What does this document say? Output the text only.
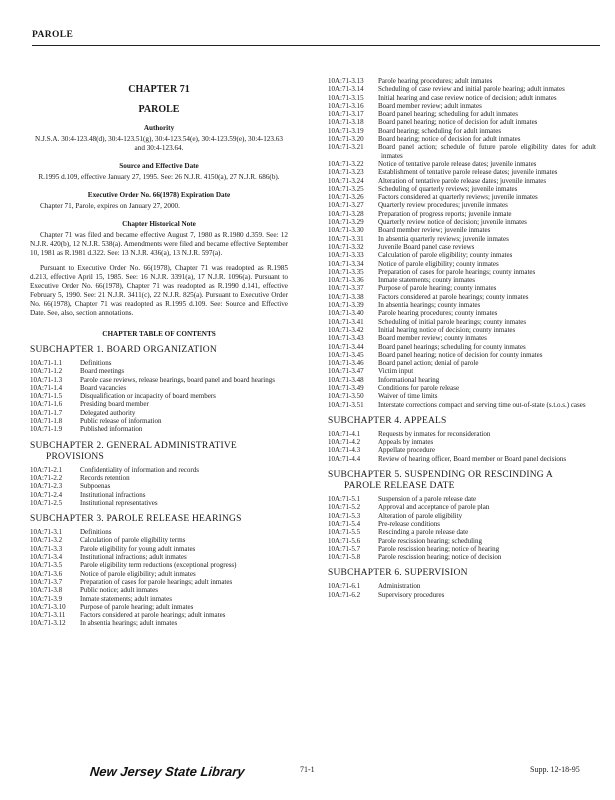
PAROLE
CHAPTER 71
PAROLE
Authority
N.J.S.A. 30:4-123.48(d), 30:4-123.51(g), 30:4-123.54(e), 30:4-123.59(e), 30:4-123.63 and 30:4-123.64.
Source and Effective Date
R.1995 d.109, effective January 27, 1995. See: 26 N.J.R. 4150(a), 27 N.J.R. 686(b).
Executive Order No. 66(1978) Expiration Date
Chapter 71, Parole, expires on January 27, 2000.
Chapter Historical Note
Chapter 71 was filed and became effective August 7, 1980 as R.1980 d.359. See: 12 N.J.R. 420(b), 12 N.J.R. 538(a). Amendments were filed and became effective September 10, 1981 as R.1981 d.322. See: 13 N.J.R. 436(a), 13 N.J.R. 597(a).
Pursuant to Executive Order No. 66(1978), Chapter 71 was readopted as R.1985 d.213, effective April 15, 1985. See: 16 N.J.R. 3391(a), 17 N.J.R. 1096(a). Pursuant to Executive Order No. 66(1978), Chapter 71 was readopted as R.1990 d.141, effective February 5, 1990. See: 21 N.J.R. 3411(c), 22 N.J.R. 825(a). Pursuant to Executive Order No. 66(1978), Chapter 71 was readopted as R.1995 d.109. See: Source and Effective Date. See, also, section annotations.
CHAPTER TABLE OF CONTENTS
SUBCHAPTER 1. BOARD ORGANIZATION
10A:71-1.1	Definitions
10A:71-1.2	Board meetings
10A:71-1.3	Parole case reviews, release hearings, board panel and board hearings
10A:71-1.4	Board vacancies
10A:71-1.5	Disqualification or incapacity of board members
10A:71-1.6	Presiding board member
10A:71-1.7	Delegated authority
10A:71-1.8	Public release of information
10A:71-1.9	Published information
SUBCHAPTER 2. GENERAL ADMINISTRATIVE
PROVISIONS
10A:71-2.1	Confidentiality of information and records
10A:71-2.2	Records retention
10A:71-2.3	Subpoenas
10A:71-2.4	Institutional infractions
10A:71-2.5	Institutional representatives
SUBCHAPTER 3. PAROLE RELEASE HEARINGS
10A:71-3.1	Definitions
10A:71-3.2	Calculation of parole eligibility terms
10A:71-3.3	Parole eligibility for young adult inmates
10A:71-3.4	Institutional infractions; adult inmates
10A:71-3.5	Parole eligibility term reductions (exceptional progress)
10A:71-3.6	Notice of parole eligibility; adult inmates
10A:71-3.7	Preparation of cases for parole hearings; adult inmates
10A:71-3.8	Public notice; adult inmates
10A:71-3.9	Inmate statements; adult inmates
10A:71-3.10	Purpose of parole hearing; adult inmates
10A:71-3.11	Factors considered at parole hearings; adult inmates
10A:71-3.12	In absentia hearings; adult inmates
10A:71-3.13	Parole hearing procedures; adult inmates
10A:71-3.14	Scheduling of case review and initial parole hearing; adult inmates
10A:71-3.15	Initial hearing and case review notice of decision; adult inmates
10A:71-3.16	Board member review; adult inmates
10A:71-3.17	Board panel hearing; scheduling for adult inmates
10A:71-3.18	Board panel hearing; notice of decision for adult inmates
10A:71-3.19	Board hearing; scheduling for adult inmates
10A:71-3.20	Board hearing; notice of decision for adult inmates
10A:71-3.21	Board panel action; schedule of future parole eligibility dates for adult inmates
10A:71-3.22	Notice of tentative parole release dates; juvenile inmates
10A:71-3.23	Establishment of tentative parole release dates; juvenile inmates
10A:71-3.24	Alteration of tentative parole release dates; juvenile inmates
10A:71-3.25	Scheduling of quarterly reviews; juvenile inmates
10A:71-3.26	Factors considered at quarterly reviews; juvenile inmates
10A:71-3.27	Quarterly review procedures; juvenile inmates
10A:71-3.28	Preparation of progress reports; juvenile inmate
10A:71-3.29	Quarterly review notice of decision; juvenile inmates
10A:71-3.30	Board member review; juvenile inmates
10A:71-3.31	In absentia quarterly reviews; juvenile inmates
10A:71-3.32	Juvenile Board panel case reviews
10A:71-3.33	Calculation of parole eligibility; county inmates
10A:71-3.34	Notice of parole eligibility; county inmates
10A:71-3.35	Preparation of cases for parole hearings; county inmates
10A:71-3.36	Inmate statements; county inmates
10A:71-3.37	Purpose of parole hearing; county inmates
10A:71-3.38	Factors considered at parole hearings; county inmates
10A:71-3.39	In absentia hearings; county inmates
10A:71-3.40	Parole hearing procedures; county inmates
10A:71-3.41	Scheduling of initial parole hearings; county inmates
10A:71-3.42	Initial hearing notice of decision; county inmates
10A:71-3.43	Board member review; county inmates
10A:71-3.44	Board panel hearings; scheduling for county inmates
10A:71-3.45	Board panel hearing; notice of decision for county inmates
10A:71-3.46	Board panel action; denial of parole
10A:71-3.47	Victim input
10A:71-3.48	Informational hearing
10A:71-3.49	Conditions for parole release
10A:71-3.50	Waiver of time limits
10A:71-3.51	Interstate corrections compact and serving time out-of-state (s.t.o.s.) cases
SUBCHAPTER 4. APPEALS
10A:71-4.1	Requests by inmates for reconsideration
10A:71-4.2	Appeals by inmates
10A:71-4.3	Appellate procedure
10A:71-4.4	Review of hearing officer, Board member or Board panel decisions
SUBCHAPTER 5. SUSPENDING OR RESCINDING A
PAROLE RELEASE DATE
10A:71-5.1	Suspension of a parole release date
10A:71-5.2	Approval and acceptance of parole plan
10A:71-5.3	Alteration of parole eligibility
10A:71-5.4	Pre-release conditions
10A:71-5.5	Rescinding a parole release date
10A:71-5.6	Parole rescission hearing; scheduling
10A:71-5.7	Parole rescission hearing; notice of hearing
10A:71-5.8	Parole rescission hearing; notice of decision
SUBCHAPTER 6. SUPERVISION
10A:71-6.1	Administration
10A:71-6.2	Supervisory procedures
New Jersey State Library	71-1	Supp. 12-18-95
